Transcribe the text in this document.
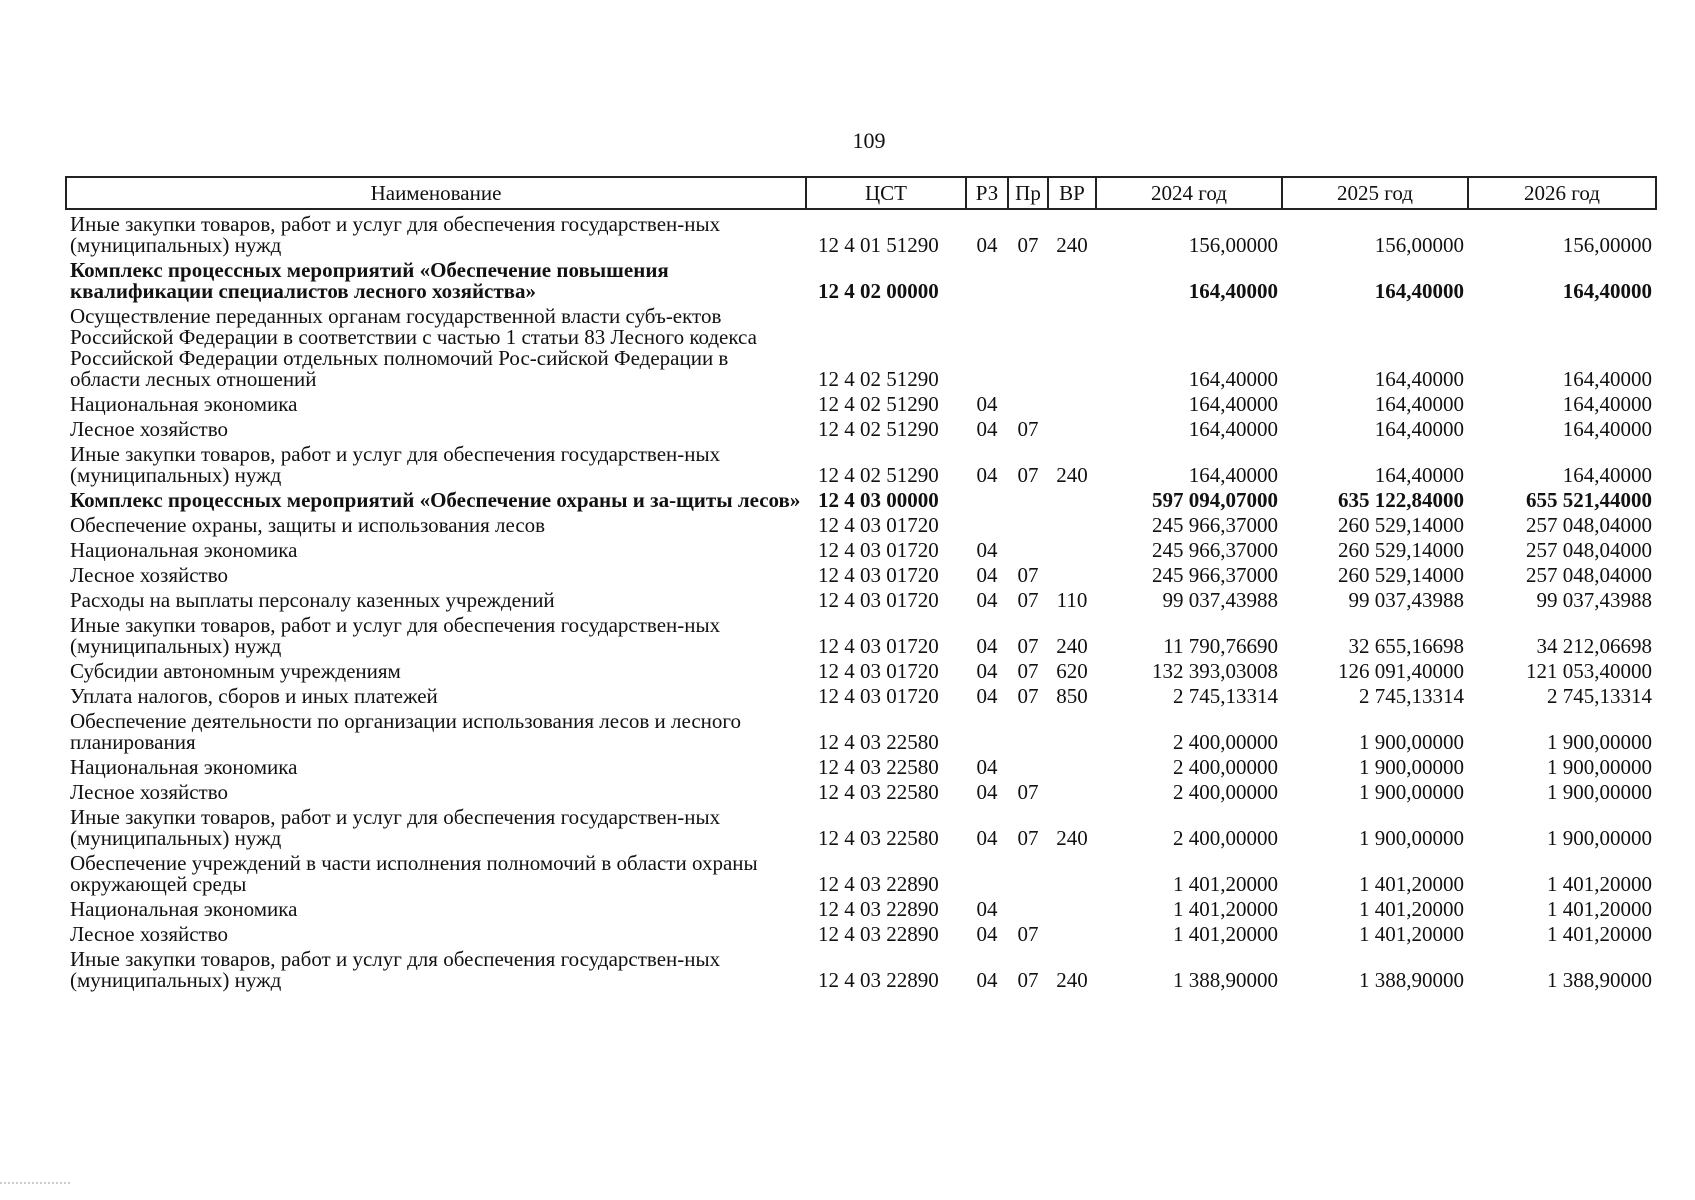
109
Наименование	ЦСТ	РЗ	Пр	ВР	2024 год	2025 год	2026 год
Иные закупки товаров, работ и услуг для обеспечения государствен-ных (муниципальных) нужд	12 4 01 51290	04	07	240	156,00000	156,00000	156,00000
Комплекс процессных мероприятий «Обеспечение повышения квалификации специалистов лесного хозяйства»	12 4 02 00000				164,40000	164,40000	164,40000
Осуществление переданных органам государственной власти субъ-ектов Российской Федерации в соответствии с частью 1 статьи 83 Лесного кодекса Российской Федерации отдельных полномочий Рос-сийской Федерации в области лесных отношений	12 4 02 51290				164,40000	164,40000	164,40000
Национальная экономика	12 4 02 51290	04			164,40000	164,40000	164,40000
Лесное хозяйство	12 4 02 51290	04	07		164,40000	164,40000	164,40000
Иные закупки товаров, работ и услуг для обеспечения государствен-ных (муниципальных) нужд	12 4 02 51290	04	07	240	164,40000	164,40000	164,40000
Комплекс процессных мероприятий «Обеспечение охраны и за-щиты лесов»	12 4 03 00000				597 094,07000	635 122,84000	655 521,44000
Обеспечение охраны, защиты и использования лесов	12 4 03 01720				245 966,37000	260 529,14000	257 048,04000
Национальная экономика	12 4 03 01720	04			245 966,37000	260 529,14000	257 048,04000
Лесное хозяйство	12 4 03 01720	04	07		245 966,37000	260 529,14000	257 048,04000
Расходы на выплаты персоналу казенных учреждений	12 4 03 01720	04	07	110	99 037,43988	99 037,43988	99 037,43988
Иные закупки товаров, работ и услуг для обеспечения государствен-ных (муниципальных) нужд	12 4 03 01720	04	07	240	11 790,76690	32 655,16698	34 212,06698
Субсидии автономным учреждениям	12 4 03 01720	04	07	620	132 393,03008	126 091,40000	121 053,40000
Уплата налогов, сборов и иных платежей	12 4 03 01720	04	07	850	2 745,13314	2 745,13314	2 745,13314
Обеспечение деятельности по организации использования лесов и лесного планирования	12 4 03 22580				2 400,00000	1 900,00000	1 900,00000
Национальная экономика	12 4 03 22580	04			2 400,00000	1 900,00000	1 900,00000
Лесное хозяйство	12 4 03 22580	04	07		2 400,00000	1 900,00000	1 900,00000
Иные закупки товаров, работ и услуг для обеспечения государствен-ных (муниципальных) нужд	12 4 03 22580	04	07	240	2 400,00000	1 900,00000	1 900,00000
Обеспечение учреждений в части исполнения полномочий в области охраны окружающей среды	12 4 03 22890				1 401,20000	1 401,20000	1 401,20000
Национальная экономика	12 4 03 22890	04			1 401,20000	1 401,20000	1 401,20000
Лесное хозяйство	12 4 03 22890	04	07		1 401,20000	1 401,20000	1 401,20000
Иные закупки товаров, работ и услуг для обеспечения государствен-ных (муниципальных) нужд	12 4 03 22890	04	07	240	1 388,90000	1 388,90000	1 388,90000
